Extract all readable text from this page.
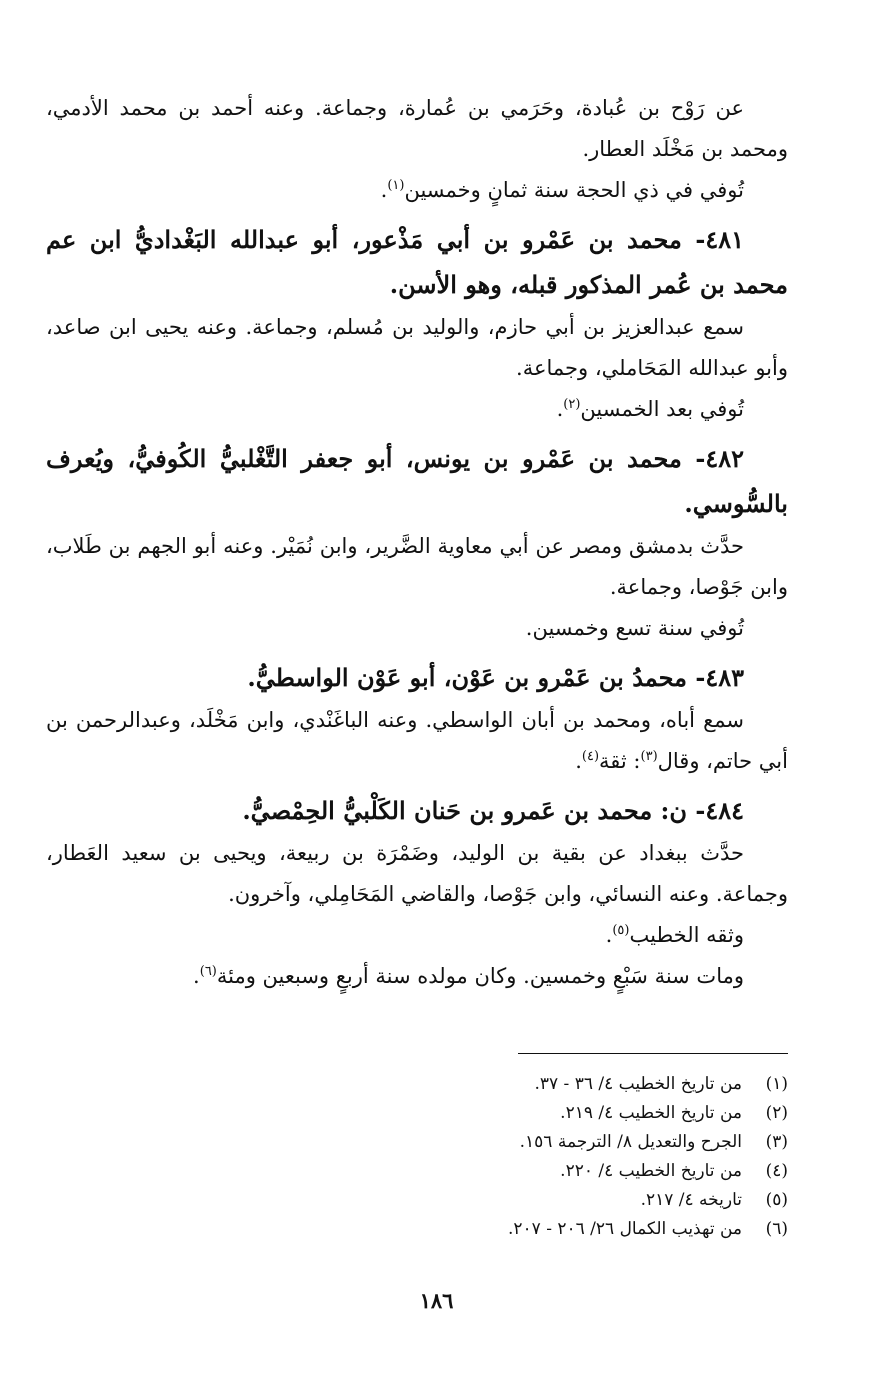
عن رَوْح بن عُبادة، وحَرَمي بن عُمارة، وجماعة. وعنه أحمد بن محمد الأدمي، ومحمد بن مَخْلَد العطار.

تُوفي في ذي الحجة سنة ثمانٍ وخمسين$^{(١)}$.

٤٨١- محمد بن عَمْرو بن أبي مَذْعور، أبو عبدالله البَغْداديُّ ابن عم محمد بن عُمر المذكور قبله، وهو الأسن.

سمع عبدالعزيز بن أبي حازم، والوليد بن مُسلم، وجماعة. وعنه يحيى ابن صاعد، وأبو عبدالله المَحَاملي، وجماعة.

تُوفي بعد الخمسين$^{(٢)}$.

٤٨٢- محمد بن عَمْرو بن يونس، أبو جعفر التَّغْلبيُّ الكُوفيُّ، ويُعرف بالسُّوسي.

حدَّث بدمشق ومصر عن أبي معاوية الضَّرير، وابن نُمَيْر. وعنه أبو الجهم بن طَلاب، وابن جَوْصا، وجماعة.

تُوفي سنة تسع وخمسين.

٤٨٣- محمدُ بن عَمْرو بن عَوْن، أبو عَوْن الواسطيُّ.

سمع أباه، ومحمد بن أبان الواسطي. وعنه الباغَنْدي، وابن مَخْلَد، وعبدالرحمن بن أبي حاتم، وقال$^{(٣)}$: ثقة$^{(٤)}$.

٤٨٤- ن: محمد بن عَمرو بن حَنان الكَلْبيُّ الحِمْصيُّ.

حدَّث ببغداد عن بقية بن الوليد، وضَمْرَة بن ربيعة، ويحيى بن سعيد العَطار، وجماعة. وعنه النسائي، وابن جَوْصا، والقاضي المَحَامِلي، وآخرون.

وثقه الخطيب$^{(٥)}$.

ومات سنة سَبْعٍ وخمسين. وكان مولده سنة أربعٍ وسبعين ومئة$^{(٦)}$.

(١)
من تاريخ الخطيب ٤/ ٣٦ - ٣٧.
(٢)
من تاريخ الخطيب ٤/ ٢١٩.
(٣)
الجرح والتعديل ٨/ الترجمة ١٥٦.
(٤)
من تاريخ الخطيب ٤/ ٢٢٠.
(٥)
تاريخه ٤/ ٢١٧.
(٦)
من تهذيب الكمال ٢٦/ ٢٠٦ - ٢٠٧.
١٨٦
